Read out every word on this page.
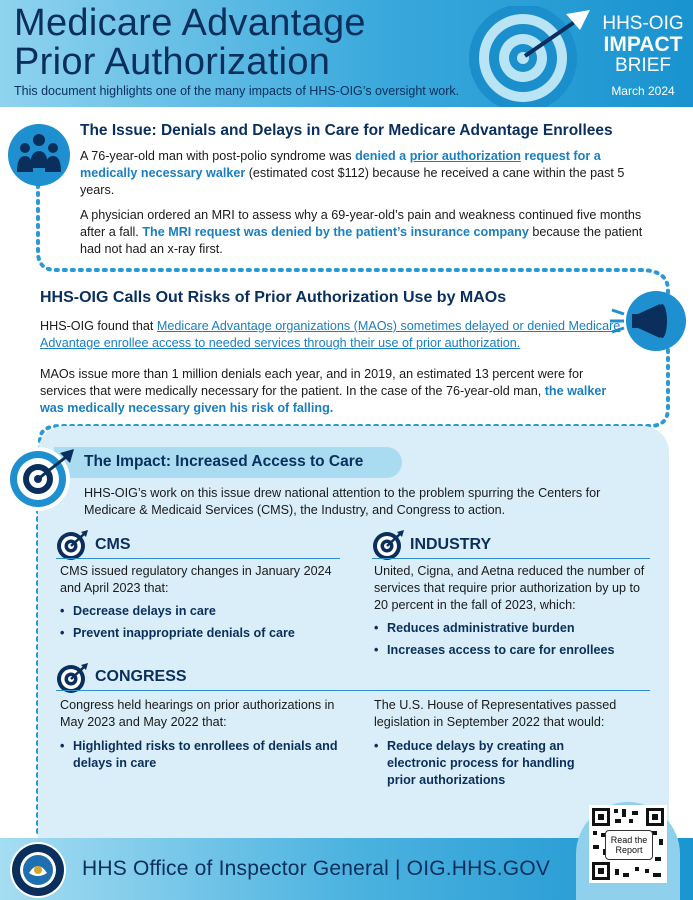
Medicare Advantage
Prior Authorization
This document highlights one of the many impacts of HHS-OIG’s oversight work.
HHS-OIG
IMPACT
BRIEF
March 2024
The Issue: Denials and Delays in Care for Medicare Advantage Enrollees
A 76-year-old man with post-polio syndrome was denied a prior authorization request for a medically necessary walker (estimated cost $112) because he received a cane within the past 5 years.
A physician ordered an MRI to assess why a 69-year-old’s pain and weakness continued five months after a fall. The MRI request was denied by the patient’s insurance company because the patient had not had an x-ray first.
HHS-OIG Calls Out Risks of Prior Authorization Use by MAOs
HHS-OIG found that Medicare Advantage organizations (MAOs) sometimes delayed or denied Medicare Advantage enrollee access to needed services through their use of prior authorization.
MAOs issue more than 1 million denials each year, and in 2019, an estimated 13 percent were for services that were medically necessary for the patient. In the case of the 76-year-old man, the walker was medically necessary given his risk of falling.
The Impact: Increased Access to Care
HHS-OIG’s work on this issue drew national attention to the problem spurring the Centers for Medicare & Medicaid Services (CMS), the Industry, and Congress to action.
CMS
CMS issued regulatory changes in January 2024 and April 2023 that:
• Decrease delays in care
• Prevent inappropriate denials of care
INDUSTRY
United, Cigna, and Aetna reduced the number of services that require prior authorization by up to 20 percent in the fall of 2023, which:
• Reduces administrative burden
• Increases access to care for enrollees
CONGRESS
Congress held hearings on prior authorizations in May 2023 and May 2022 that:
• Highlighted risks to enrollees of denials and delays in care
The U.S. House of Representatives passed legislation in September 2022 that would:
• Reduce delays by creating an electronic process for handling prior authorizations
HHS Office of Inspector General | OIG.HHS.GOV
Read the
Report
